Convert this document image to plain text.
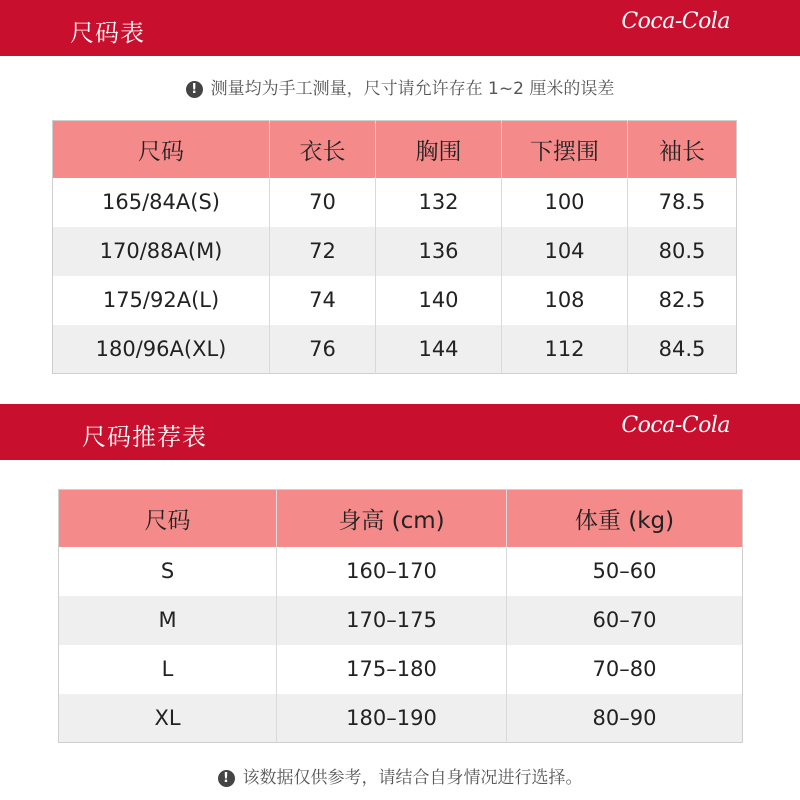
尺码表	Coca-Cola
! 测量均为手工测量，尺寸请允许存在 1~2 厘米的误差
尺码	衣长	胸围	下摆围	袖长
165/84A(S)	70	132	100	78.5
170/88A(M)	72	136	104	80.5
175/92A(L)	74	140	108	82.5
180/96A(XL)	76	144	112	84.5
尺码推荐表	Coca-Cola
尺码	身高 (cm)	体重 (kg)
S	160–170	50–60
M	170–175	60–70
L	175–180	70–80
XL	180–190	80–90
! 该数据仅供参考，请结合自身情况进行选择。
